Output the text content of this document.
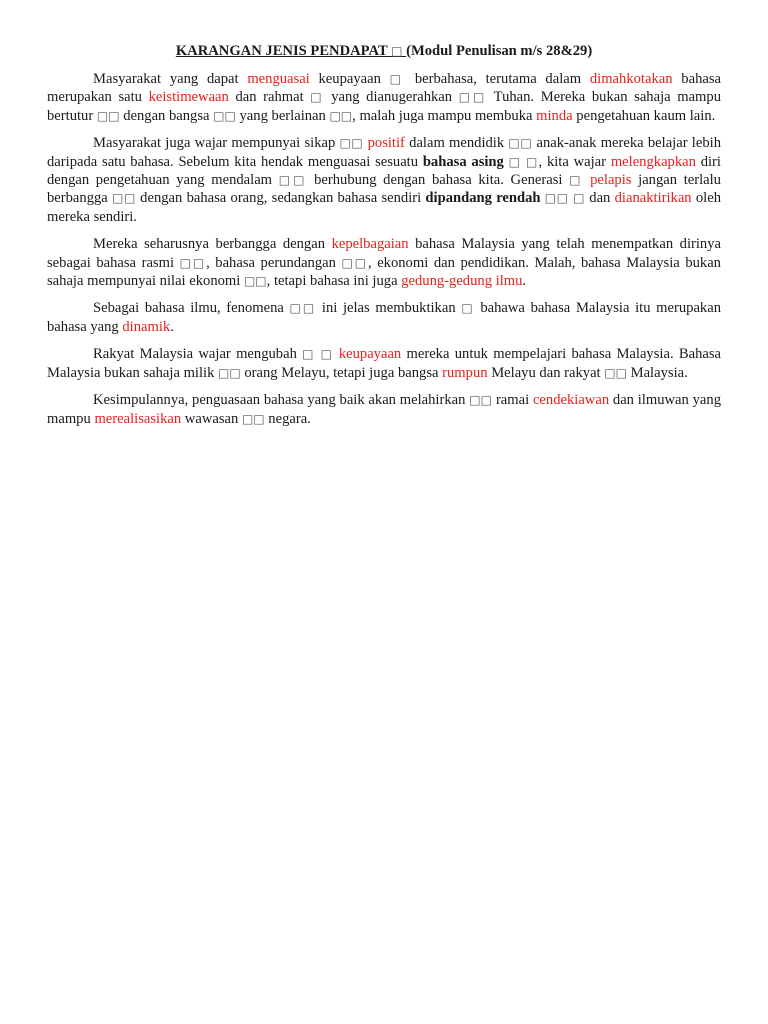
KARANGAN JENIS PENDAPAT □ (Modul Penulisan m/s 28&29)

Masyarakat yang dapat menguasai keupayaan □ berbahasa, terutama dalam dimahkotakan bahasa merupakan satu keistimewaan dan rahmat □ yang dianugerahkan □□ Tuhan. Mereka bukan sahaja mampu bertutur □□ dengan bangsa □□ yang berlainan □□, malah juga mampu membuka minda pengetahuan kaum lain.

Masyarakat juga wajar mempunyai sikap □□ positif dalam mendidik □□ anak-anak mereka belajar lebih daripada satu bahasa. Sebelum kita hendak menguasai sesuatu bahasa asing □ □, kita wajar melengkapkan diri dengan pengetahuan yang mendalam □□ berhubung dengan bahasa kita. Generasi □ pelapis jangan terlalu berbangga □□ dengan bahasa orang, sedangkan bahasa sendiri dipandang rendah □□ □ dan dianaktirikan oleh mereka sendiri.

Mereka seharusnya berbangga dengan kepelbagaian bahasa Malaysia yang telah menempatkan dirinya sebagai bahasa rasmi □□, bahasa perundangan □□, ekonomi dan pendidikan. Malah, bahasa Malaysia bukan sahaja mempunyai nilai ekonomi □□, tetapi bahasa ini juga gedung-gedung ilmu.

Sebagai bahasa ilmu, fenomena □□ ini jelas membuktikan □ bahawa bahasa Malaysia itu merupakan bahasa yang dinamik.

Rakyat Malaysia wajar mengubah □ □ keupayaan mereka untuk mempelajari bahasa Malaysia. Bahasa Malaysia bukan sahaja milik □□ orang Melayu, tetapi juga bangsa rumpun Melayu dan rakyat □□ Malaysia.

Kesimpulannya, penguasaan bahasa yang baik akan melahirkan □□ ramai cendekiawan dan ilmuwan yang mampu merealisasikan wawasan □□ negara.
